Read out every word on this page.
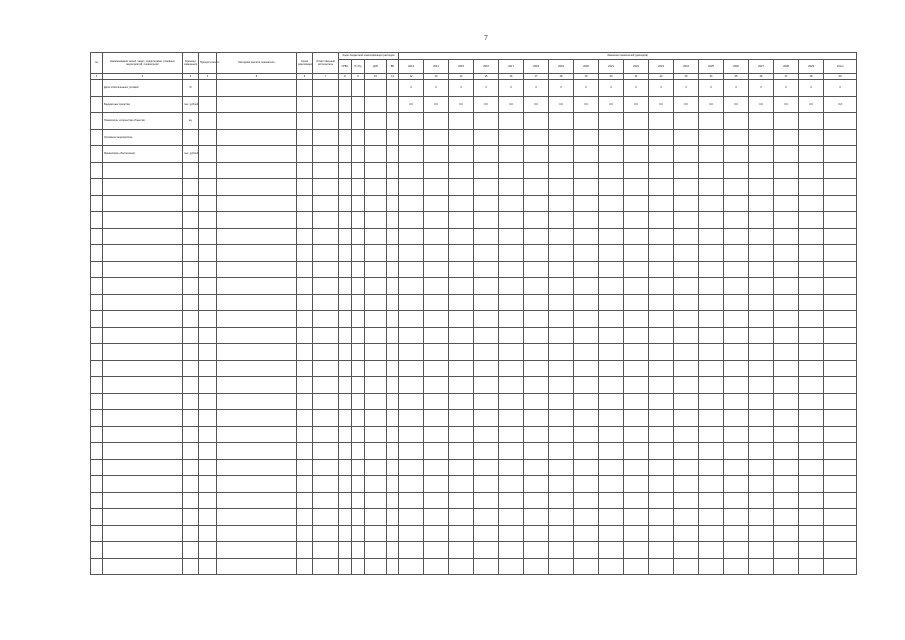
7
№	Наименование целей, задач, подпрограмм, основных мероприятий, показателей	Единица измерения	Приоритетность	Методика расчёта показателя	Сроки реализации	Ответственный исполнитель	Коды бюджетной классификации расходов				Значения показателей (расходов)																	
							ГРБС	Рз Пр	ЦСР	ВР	2013	2014	2015	2016	2017	2018	2019	2020	2021	2022	2023	2024	2025	2026	2027	2028	2029	Итого
1	2	3	4	5	6	7	8	9	10	11	12	13	14	15	16	17	18	19	20	21	22	23	24	25	26	27	28	29
	Доля обеспеченных условий	%									0	0	0	0	0	0	0	0	0	0	0	0	0	0	0	0	0	0
	Бюджетные средства	тыс. рублей									0,0	0,0	0,0	0,0	0,0	0,0	0,0	0,0	0,0	0,0	0,0	0,0	0,0	0,0	0,0	0,0	0,0	0,0
	Показатель: количество объектов	ед.																										
	Основное мероприятие																											
	Финансовое обеспечение	тыс. рублей																										
